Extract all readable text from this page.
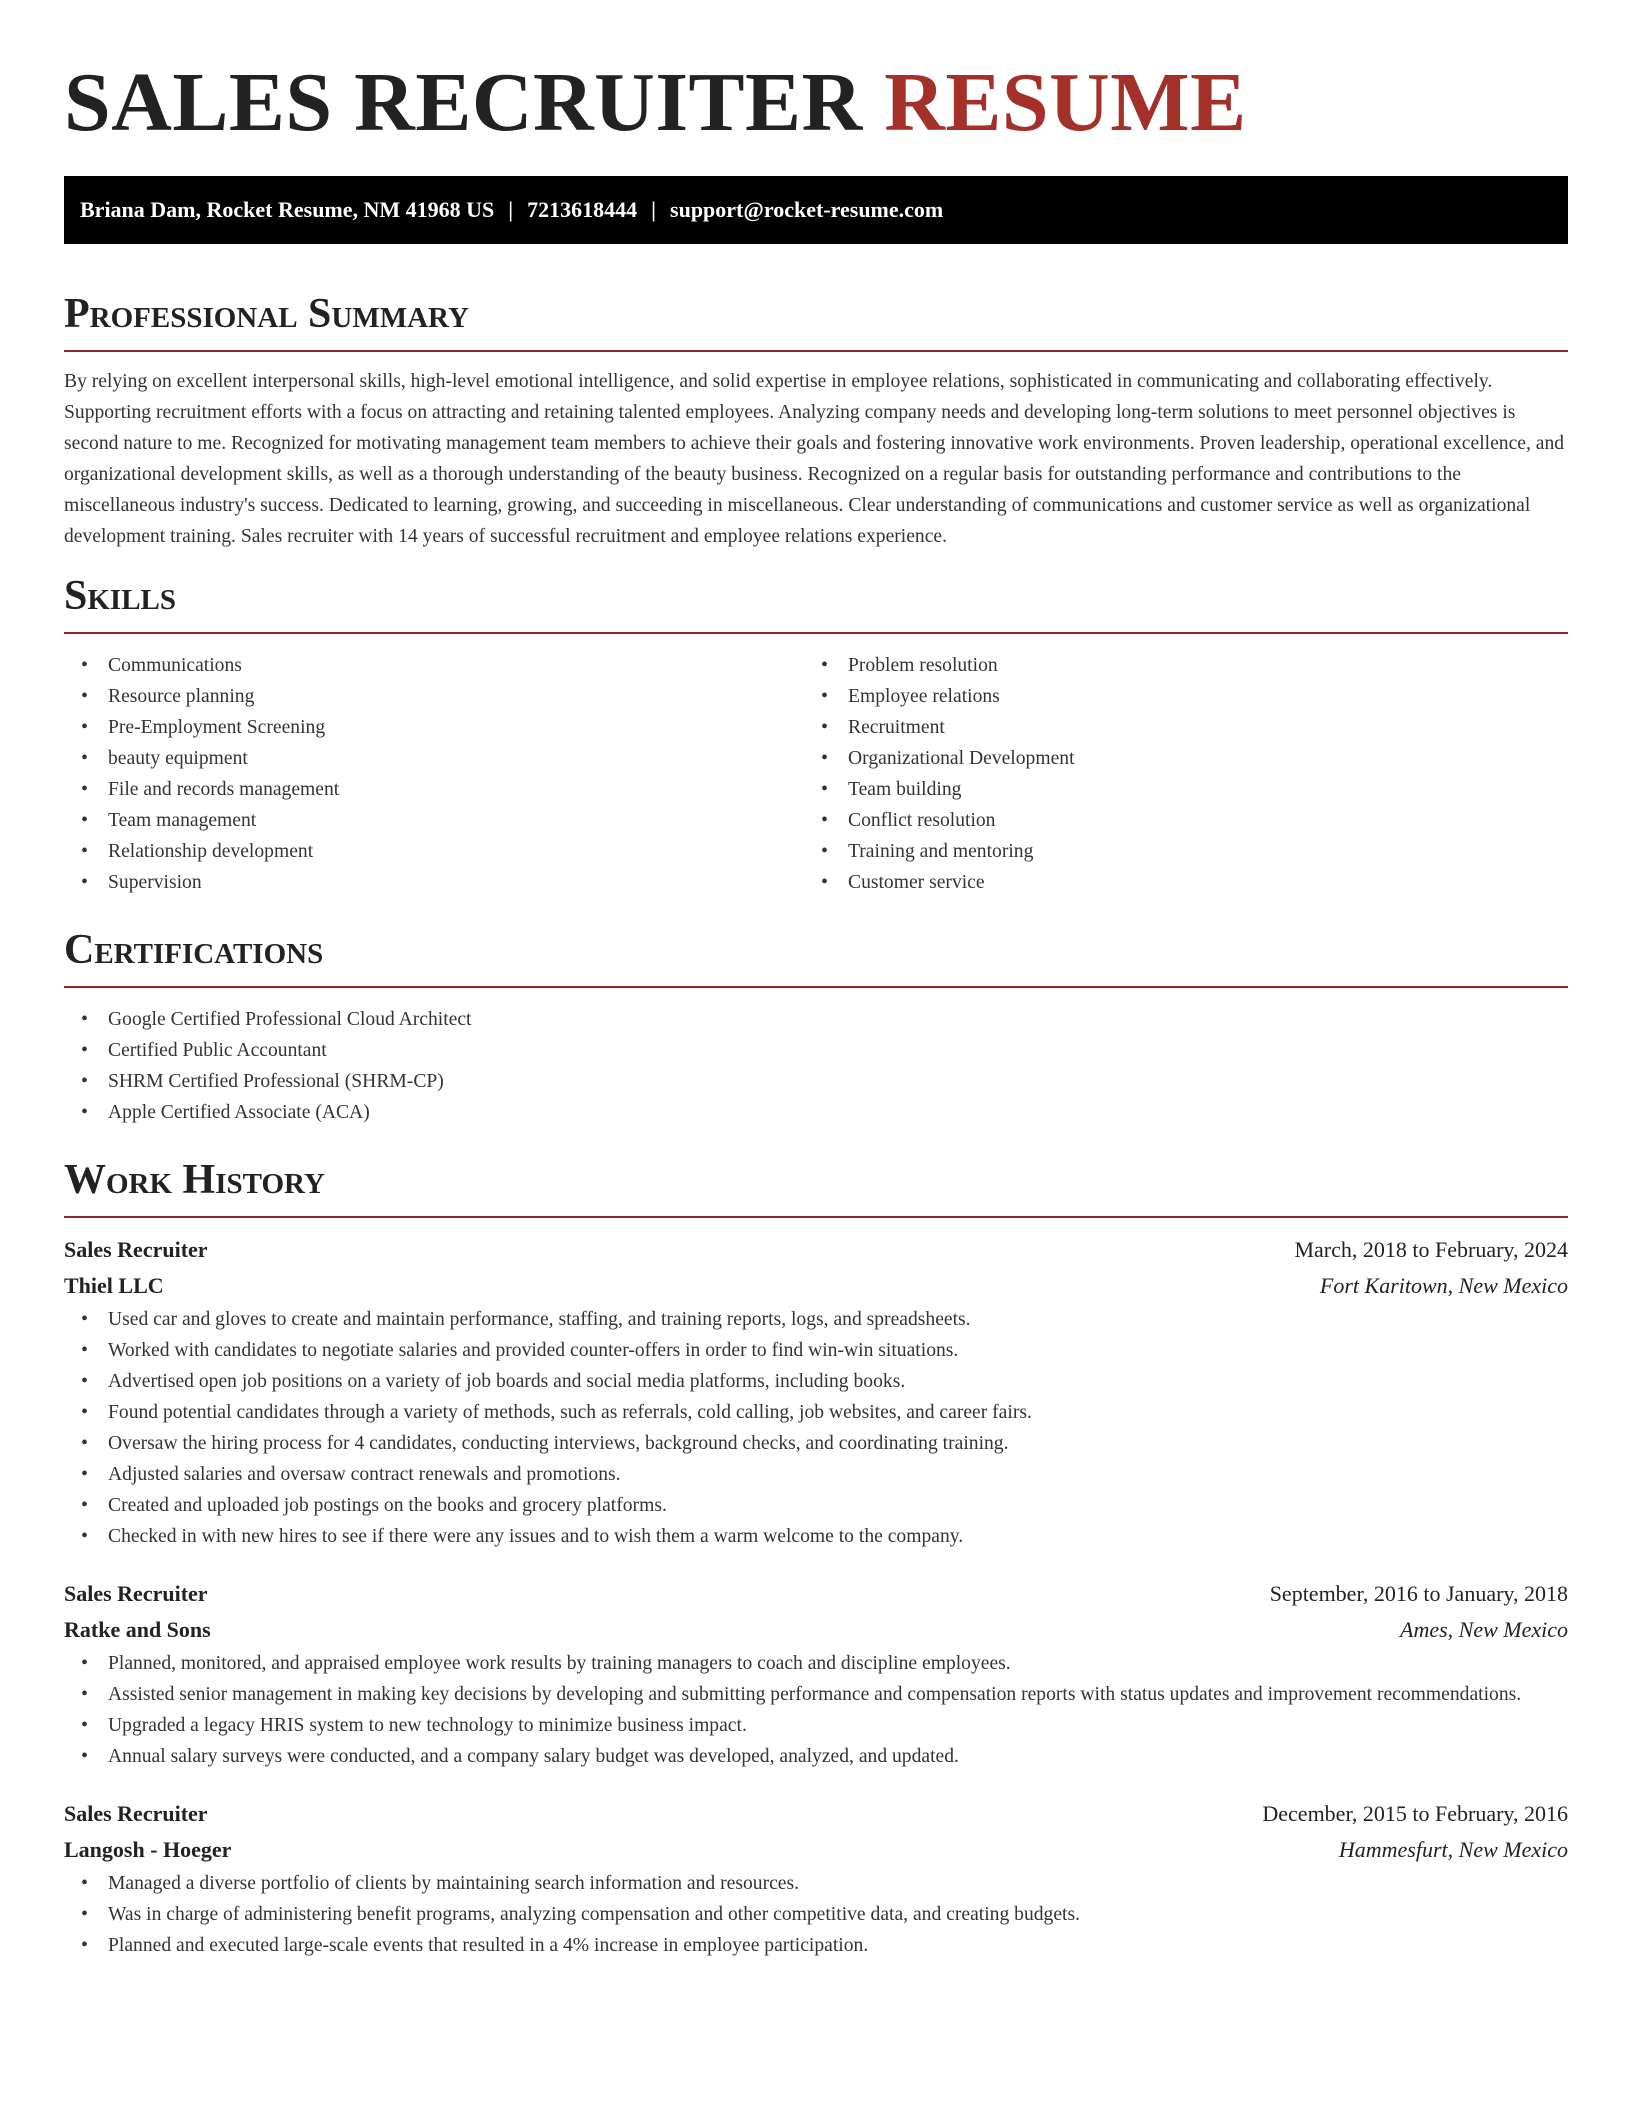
SALES RECRUITER RESUME
Briana Dam, Rocket Resume, NM 41968 US | 7213618444 | support@rocket-resume.com
Professional Summary

By relying on excellent interpersonal skills, high-level emotional intelligence, and solid expertise in employee relations, sophisticated in communicating and collaborating effectively. Supporting recruitment efforts with a focus on attracting and retaining talented employees. Analyzing company needs and developing long-term solutions to meet personnel objectives is second nature to me. Recognized for motivating management team members to achieve their goals and fostering innovative work environments. Proven leadership, operational excellence, and organizational development skills, as well as a thorough understanding of the beauty business. Recognized on a regular basis for outstanding performance and contributions to the miscellaneous industry's success. Dedicated to learning, growing, and succeeding in miscellaneous. Clear understanding of communications and customer service as well as organizational development training. Sales recruiter with 14 years of successful recruitment and employee relations experience.

Skills
• Communications
• Resource planning
• Pre-Employment Screening
• beauty equipment
• File and records management
• Team management
• Relationship development
• Supervision
• Problem resolution
• Employee relations
• Recruitment
• Organizational Development
• Team building
• Conflict resolution
• Training and mentoring
• Customer service
Certifications
• Google Certified Professional Cloud Architect
• Certified Public Accountant
• SHRM Certified Professional (SHRM-CP)
• Apple Certified Associate (ACA)
Work History
Sales Recruiter	March, 2018 to February, 2024
Thiel LLC	Fort Karitown, New Mexico
• Used car and gloves to create and maintain performance, staffing, and training reports, logs, and spreadsheets.
• Worked with candidates to negotiate salaries and provided counter-offers in order to find win-win situations.
• Advertised open job positions on a variety of job boards and social media platforms, including books.
• Found potential candidates through a variety of methods, such as referrals, cold calling, job websites, and career fairs.
• Oversaw the hiring process for 4 candidates, conducting interviews, background checks, and coordinating training.
• Adjusted salaries and oversaw contract renewals and promotions.
• Created and uploaded job postings on the books and grocery platforms.
• Checked in with new hires to see if there were any issues and to wish them a warm welcome to the company.
Sales Recruiter	September, 2016 to January, 2018
Ratke and Sons	Ames, New Mexico
• Planned, monitored, and appraised employee work results by training managers to coach and discipline employees.
• Assisted senior management in making key decisions by developing and submitting performance and compensation reports with status updates and improvement recommendations.
• Upgraded a legacy HRIS system to new technology to minimize business impact.
• Annual salary surveys were conducted, and a company salary budget was developed, analyzed, and updated.
Sales Recruiter	December, 2015 to February, 2016
Langosh - Hoeger	Hammesfurt, New Mexico
• Managed a diverse portfolio of clients by maintaining search information and resources.
• Was in charge of administering benefit programs, analyzing compensation and other competitive data, and creating budgets.
• Planned and executed large-scale events that resulted in a 4% increase in employee participation.
